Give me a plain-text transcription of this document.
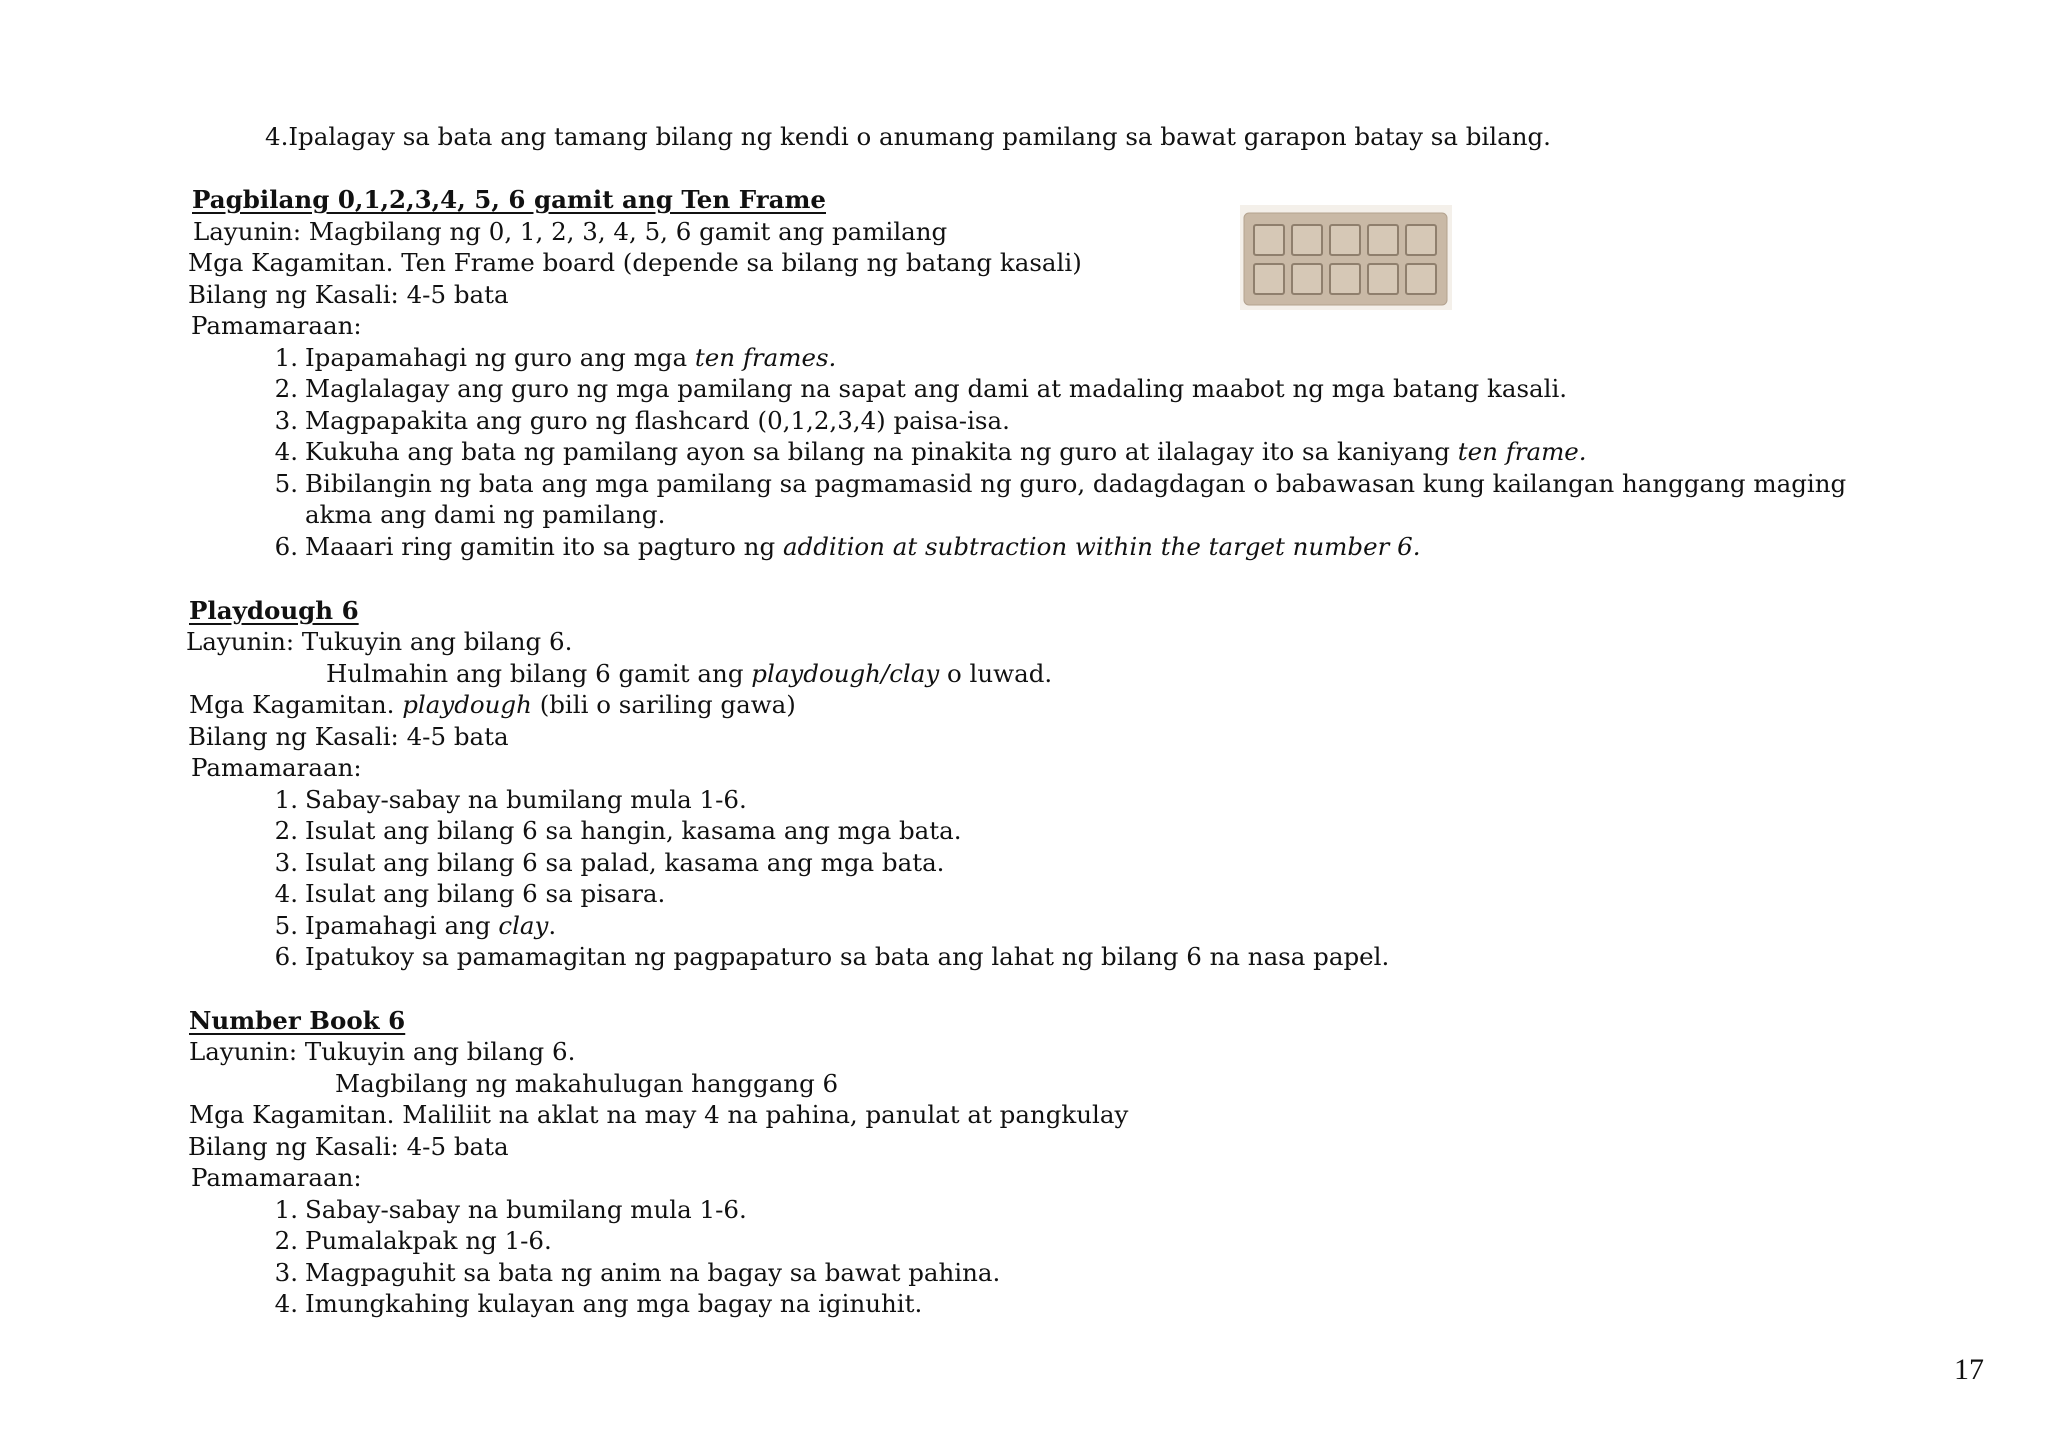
4.Ipalagay sa bata ang tamang bilang ng kendi o anumang pamilang sa bawat garapon batay sa bilang.
Pagbilang 0,1,2,3,4, 5, 6 gamit ang Ten Frame
Layunin: Magbilang ng 0, 1, 2, 3, 4, 5, 6 gamit ang pamilang
Mga Kagamitan. Ten Frame board (depende sa bilang ng batang kasali)
Bilang ng Kasali: 4-5 bata
Pamamaraan:
1. Ipapamahagi ng guro ang mga ten frames.
2. Maglalagay ang guro ng mga pamilang na sapat ang dami at madaling maabot ng mga batang kasali.
3. Magpapakita ang guro ng flashcard (0,1,2,3,4) paisa-isa.
4. Kukuha ang bata ng pamilang ayon sa bilang na pinakita ng guro at ilalagay ito sa kaniyang ten frame.
5. Bibilangin ng bata ang mga pamilang sa pagmamasid ng guro, dadagdagan o babawasan kung kailangan hanggang maging
akma ang dami ng pamilang.
6. Maaari ring gamitin ito sa pagturo ng addition at subtraction within the target number 6.
Playdough 6
Layunin: Tukuyin ang bilang 6.
Hulmahin ang bilang 6 gamit ang playdough/clay o luwad.
Mga Kagamitan. playdough (bili o sariling gawa)
Bilang ng Kasali: 4-5 bata
Pamamaraan:
1. Sabay-sabay na bumilang mula 1-6.
2. Isulat ang bilang 6 sa hangin, kasama ang mga bata.
3. Isulat ang bilang 6 sa palad, kasama ang mga bata.
4. Isulat ang bilang 6 sa pisara.
5. Ipamahagi ang clay.
6. Ipatukoy sa pamamagitan ng pagpapaturo sa bata ang lahat ng bilang 6 na nasa papel.
Number Book 6
Layunin: Tukuyin ang bilang 6.
Magbilang ng makahulugan hanggang 6
Mga Kagamitan. Maliliit na aklat na may 4 na pahina, panulat at pangkulay
Bilang ng Kasali: 4-5 bata
Pamamaraan:
1. Sabay-sabay na bumilang mula 1-6.
2. Pumalakpak ng 1-6.
3. Magpaguhit sa bata ng anim na bagay sa bawat pahina.
4. Imungkahing kulayan ang mga bagay na iginuhit.
17
